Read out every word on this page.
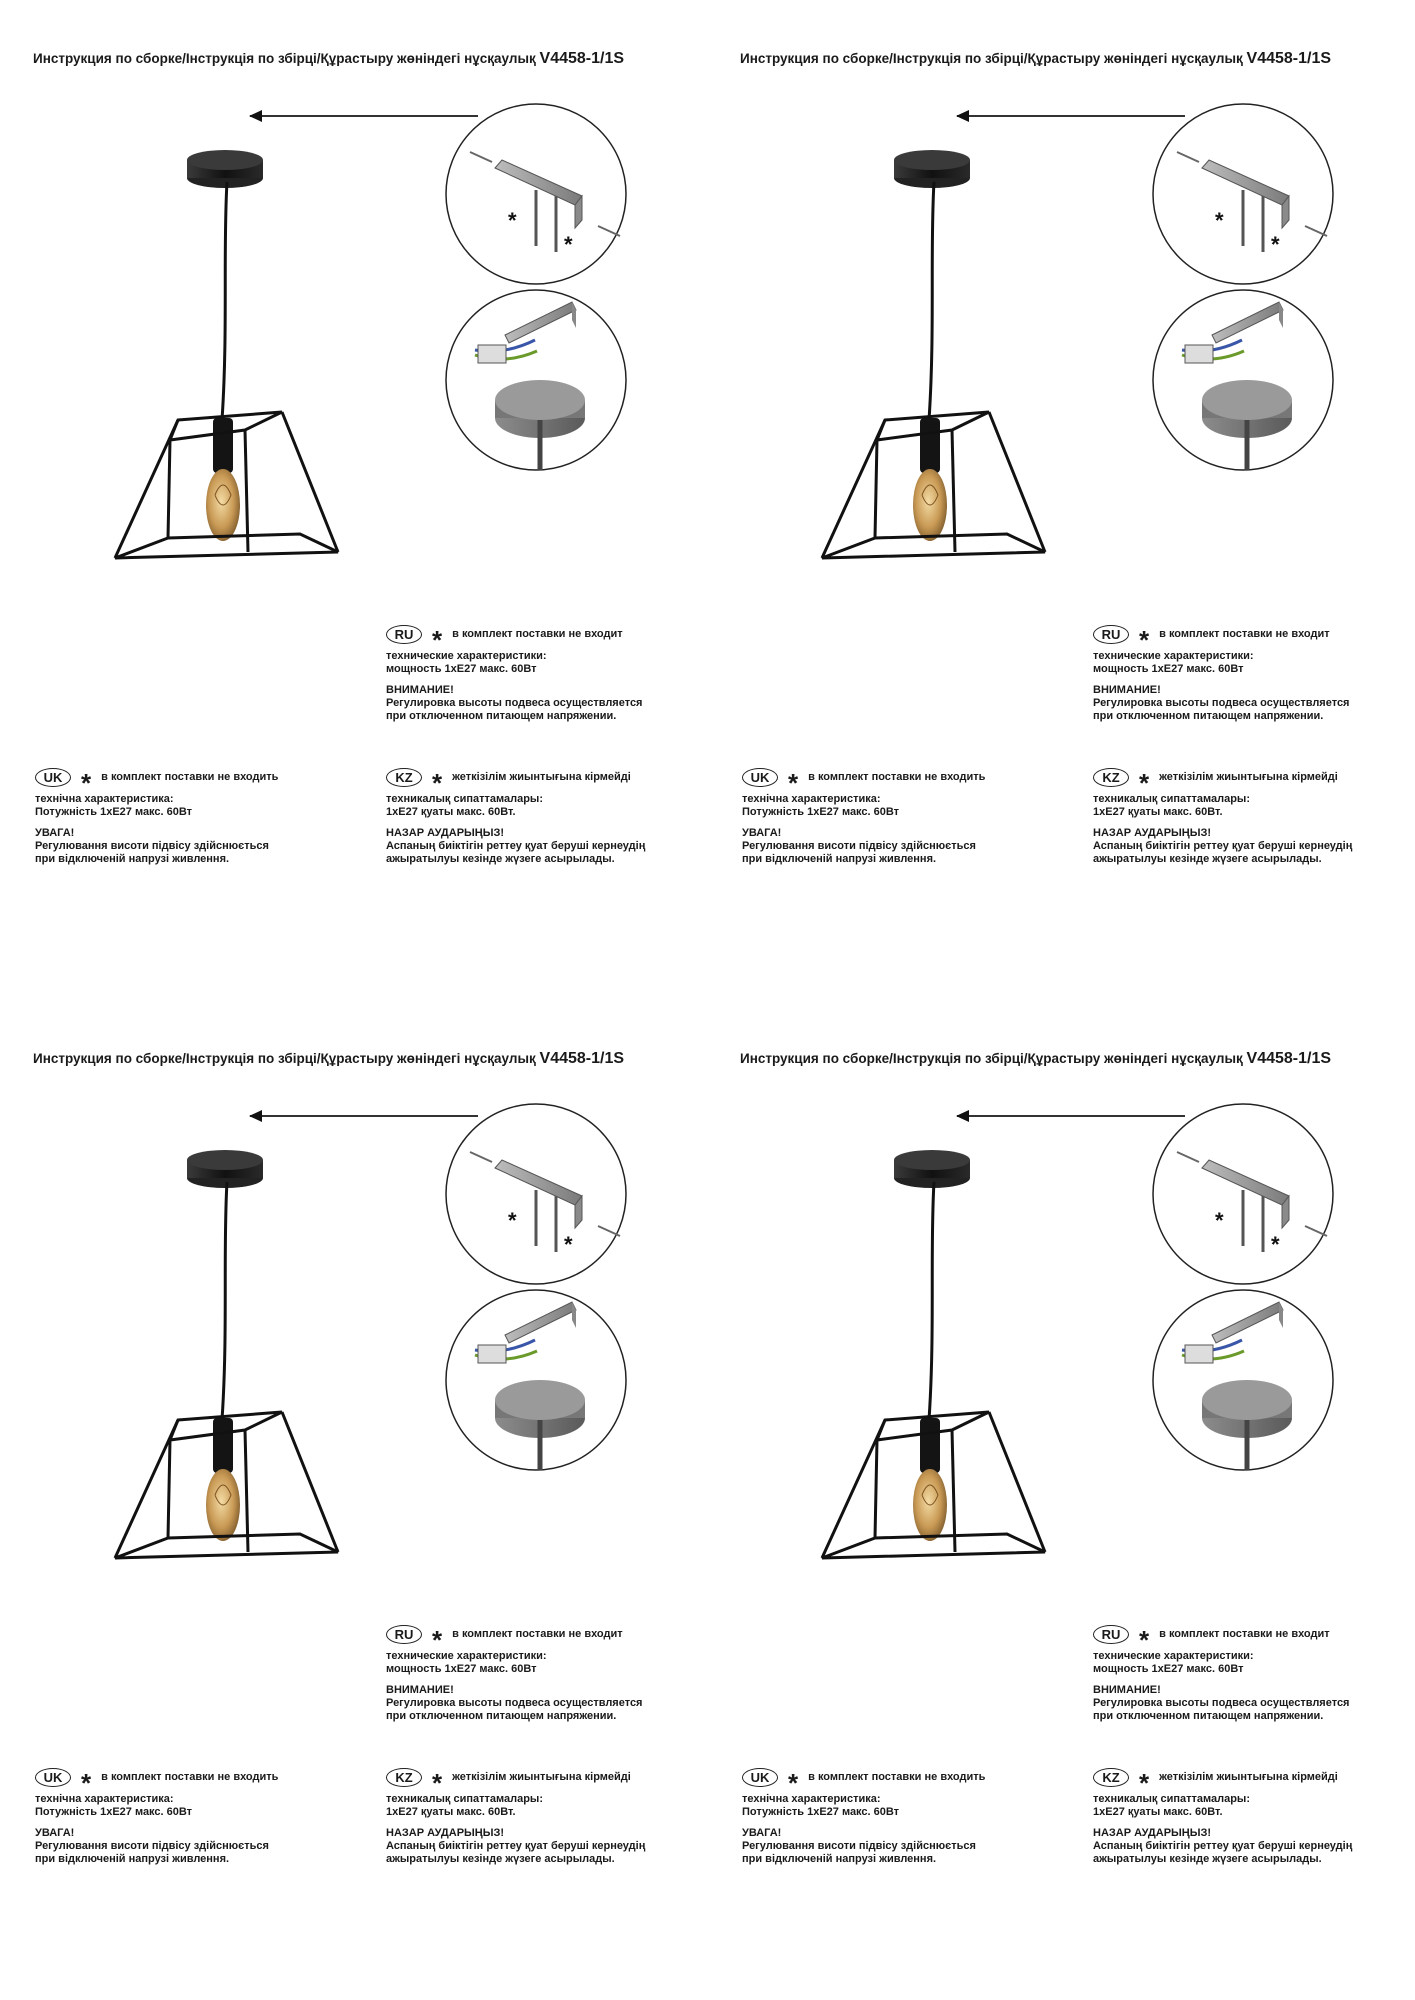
Инструкция по сборке/Інструкція по збірці/Құрастыру жөніндегі нұсқаулық V4458-1/1S
*
*
RU * в комплект поставки не входит

технические характеристики:
мощность 1хЕ27 макс. 60Вт

ВНИМАНИЕ!
Регулировка высоты подвеса осуществляется
при отключенном питающем напряжении.

UK * в комплект поставки не входить

технічна характеристика:
Потужність 1хЕ27 макс. 60Вт

УВАГА!
Регулювання висоти підвісу здійснюється
при відключеній напрузі живлення.

KZ * жеткізілім жиынтығына кірмейді

техникалық сипаттамалары:
1хЕ27 қуаты макс. 60Вт.

НАЗАР АУДАРЫҢЫЗ!
Аспаның биіктігін реттеу қуат беруші кернеудің
ажыратылуы кезінде жүзеге асырылады.

Инструкция по сборке/Інструкція по збірці/Құрастыру жөніндегі нұсқаулық V4458-1/1S
*
*
RU * в комплект поставки не входит

технические характеристики:
мощность 1хЕ27 макс. 60Вт

ВНИМАНИЕ!
Регулировка высоты подвеса осуществляется
при отключенном питающем напряжении.

UK * в комплект поставки не входить

технічна характеристика:
Потужність 1хЕ27 макс. 60Вт

УВАГА!
Регулювання висоти підвісу здійснюється
при відключеній напрузі живлення.

KZ * жеткізілім жиынтығына кірмейді

техникалық сипаттамалары:
1хЕ27 қуаты макс. 60Вт.

НАЗАР АУДАРЫҢЫЗ!
Аспаның биіктігін реттеу қуат беруші кернеудің
ажыратылуы кезінде жүзеге асырылады.

Инструкция по сборке/Інструкція по збірці/Құрастыру жөніндегі нұсқаулық V4458-1/1S
*
*
RU * в комплект поставки не входит

технические характеристики:
мощность 1хЕ27 макс. 60Вт

ВНИМАНИЕ!
Регулировка высоты подвеса осуществляется
при отключенном питающем напряжении.

UK * в комплект поставки не входить

технічна характеристика:
Потужність 1хЕ27 макс. 60Вт

УВАГА!
Регулювання висоти підвісу здійснюється
при відключеній напрузі живлення.

KZ * жеткізілім жиынтығына кірмейді

техникалық сипаттамалары:
1хЕ27 қуаты макс. 60Вт.

НАЗАР АУДАРЫҢЫЗ!
Аспаның биіктігін реттеу қуат беруші кернеудің
ажыратылуы кезінде жүзеге асырылады.

Инструкция по сборке/Інструкція по збірці/Құрастыру жөніндегі нұсқаулық V4458-1/1S
*
*
RU * в комплект поставки не входит

технические характеристики:
мощность 1хЕ27 макс. 60Вт

ВНИМАНИЕ!
Регулировка высоты подвеса осуществляется
при отключенном питающем напряжении.

UK * в комплект поставки не входить

технічна характеристика:
Потужність 1хЕ27 макс. 60Вт

УВАГА!
Регулювання висоти підвісу здійснюється
при відключеній напрузі живлення.

KZ * жеткізілім жиынтығына кірмейді

техникалық сипаттамалары:
1хЕ27 қуаты макс. 60Вт.

НАЗАР АУДАРЫҢЫЗ!
Аспаның биіктігін реттеу қуат беруші кернеудің
ажыратылуы кезінде жүзеге асырылады.
